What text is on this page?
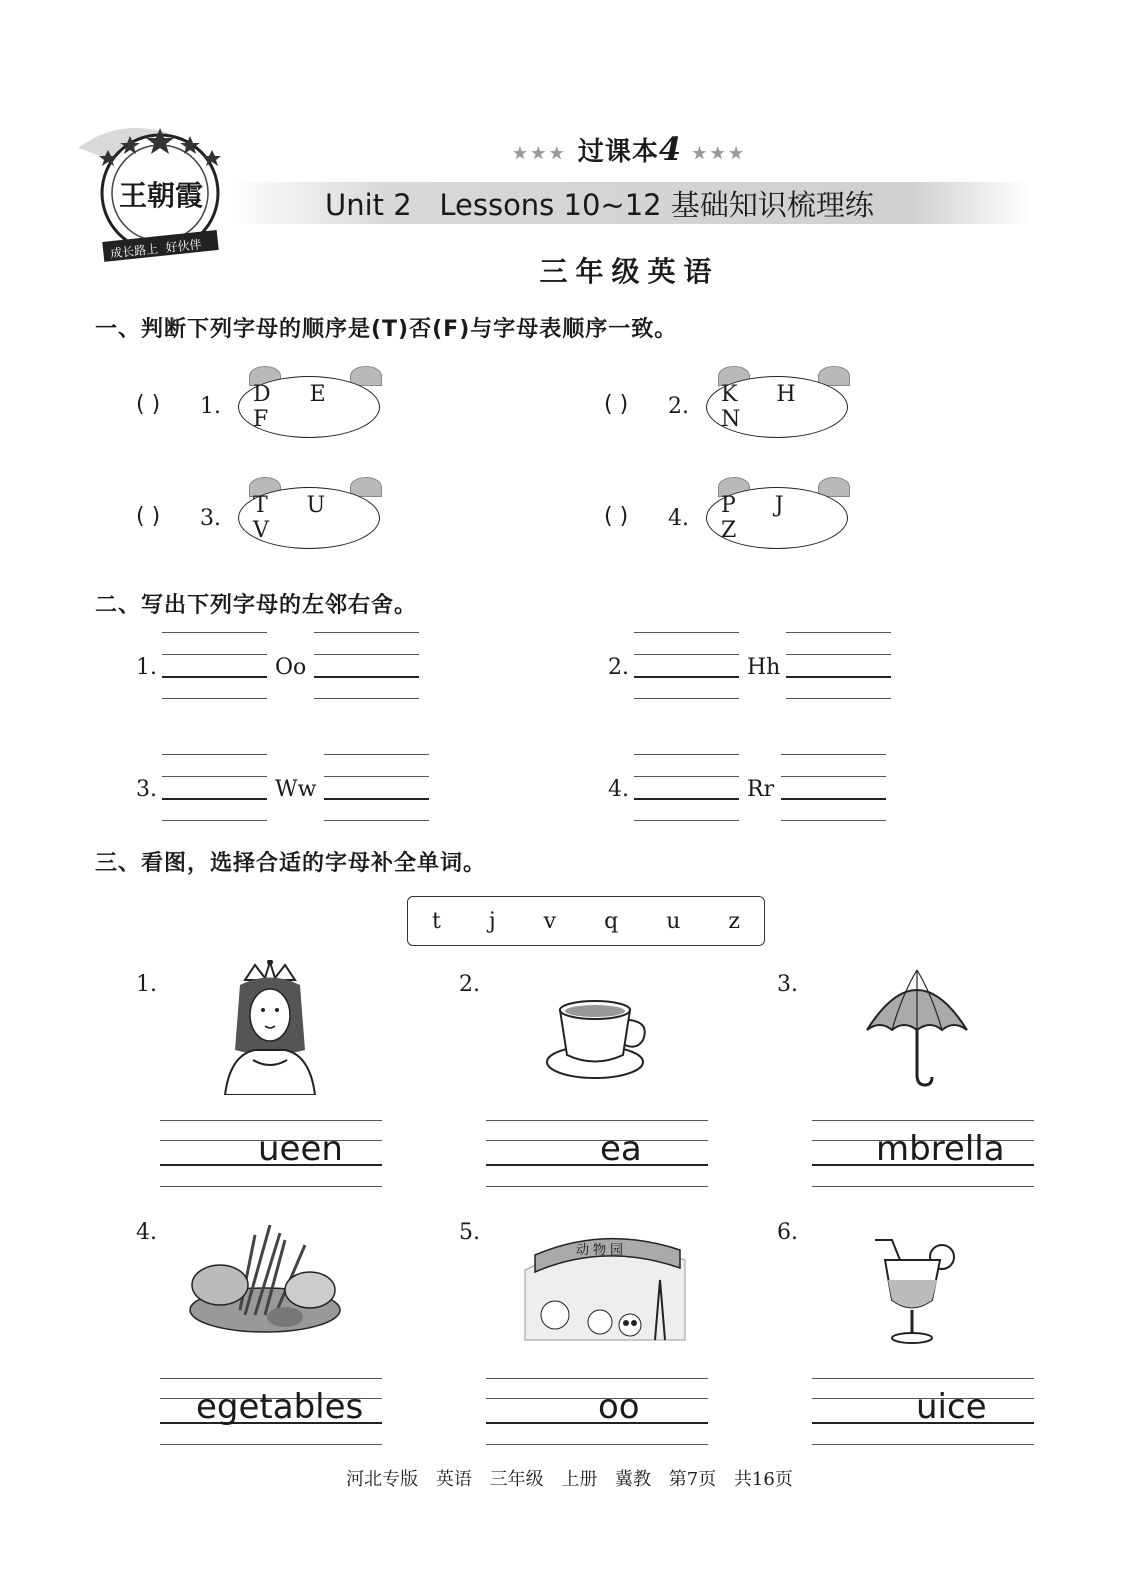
王朝霞
成长路上  好伙伴
★★★ 过课本4 ★★★
Unit 2   Lessons 10~12 基础知识梳理练
三年级英语
一、判断下列字母的顺序是(T)否(F)与字母表顺序一致。
( ) 1.	D E F
( ) 2.	K H N
( ) 3.
T U V
( ) 4.
P J Z
二、写出下列字母的左邻右舍。
1.	Oo	2.	Hh
3.	Ww	4.	Rr
三、看图，选择合适的字母补全单词。
t j v q u z
1.	2.	3.
ueen	ea	mbrella
4.	5.
动物园
6.
egetables	oo	uice
河北专版 英语 三年级 上册 冀教 第7页 共16页
